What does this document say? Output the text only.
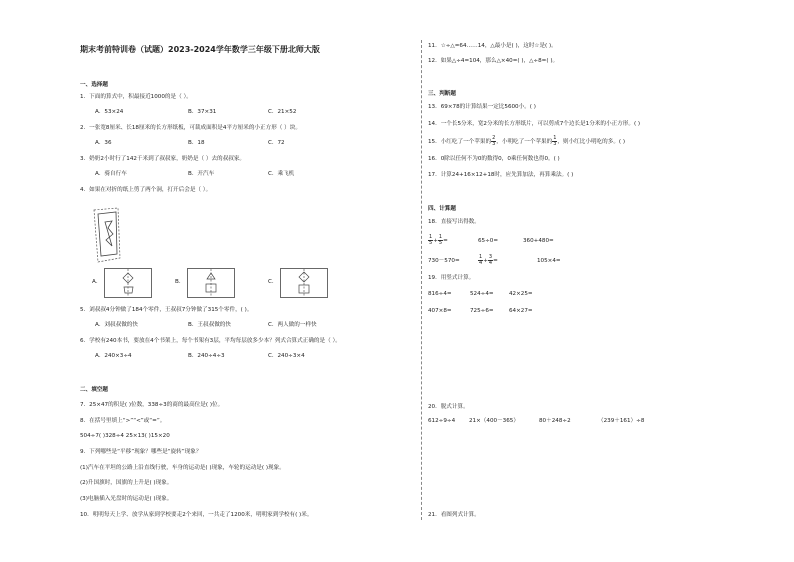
期末考前特训卷（试题）2023-2024学年数学三年级下册北师大版
一、选择题
1．下面的算式中，积最接近1000的是（ ）。
A．53×24	B．37×31	C．21×52
2．一张宽8厘米、长18厘米的长方形纸板，可裁成面积是4平方厘米的小正方形（ ）块。
A．36	B．18	C．72
3．奶奶2小时行了142千米到了叔叔家，奶奶是（ ）去的叔叔家。
A．骑自行车	B．开汽车	C．乘飞机
4．如果在对折的纸上剪了两个洞，打开后会是（ ）。
A．	B．	C．
5．刘叔叔4分钟做了184个零件，王叔叔7分钟做了315个零件，( )。
A．刘叔叔做的快	B．王叔叔做的快	C．两人做的一样快
6．学校有240本书，要放在4个书架上，每个书架有3层，平均每层放多少本？列式合算式正确的是（ ）。
A．240×3÷4	B．240÷4÷3	C．240÷3×4
二、填空题
7．25×47的积是( )位数，338÷3的商的最高位是( )位。
8．在括号里填上“>”“<”或“=”。
504÷7( )328÷4 25×13( )15×20
9．下列哪些是“平移”现象？哪些是“旋转”现象？
(1)汽车在平坦的公路上沿直线行驶，车身的运动是( )现象，车轮的运动是( )现象。
(2)升国旗时，国旗的上升是( )现象。
(3)电脑插入光盘时的运动是( )现象。
10．明明每天上学、放学从家到学校要走2个来回，一共走了1200米，明明家到学校有( )米。
11．☆÷△=64……14，△最小是( )，这时☆是( )。
12．如果△÷4=104，那么△×40=( )，△÷8=( )。
三、判断题
13．69×78的计算结果一定比5600小。( )
14．一个长5分米，宽2分米的长方形纸片，可以剪成7个边长是1分米的小正方形。( )
15．小红吃了一个苹果的 $\frac{2}{3}$ ，小明吃了一个苹果的 $\frac{1}{3}$ ，则小红比小明吃的多。( )
16．0除以任何不为0的数得0，0乘任何数也得0。( )
17．计算24+16×12+18时，应先算加法，再算乘法。( )
四、计算题
18．直接写出得数。
$\frac{1}{5} + \frac{1}{5}$ =	65÷0=	360+480=
730－570=	$\frac{1}{4} + \frac{3}{4}$ =	105×4=
19．用竖式计算。
816÷4=	524÷4=	42×25=
407×8=	725÷6=	64×27=
20．脱式计算。
612÷9÷4 21×（400－365）	80＋248÷2	（239＋161）÷8
21．看图列式计算。
